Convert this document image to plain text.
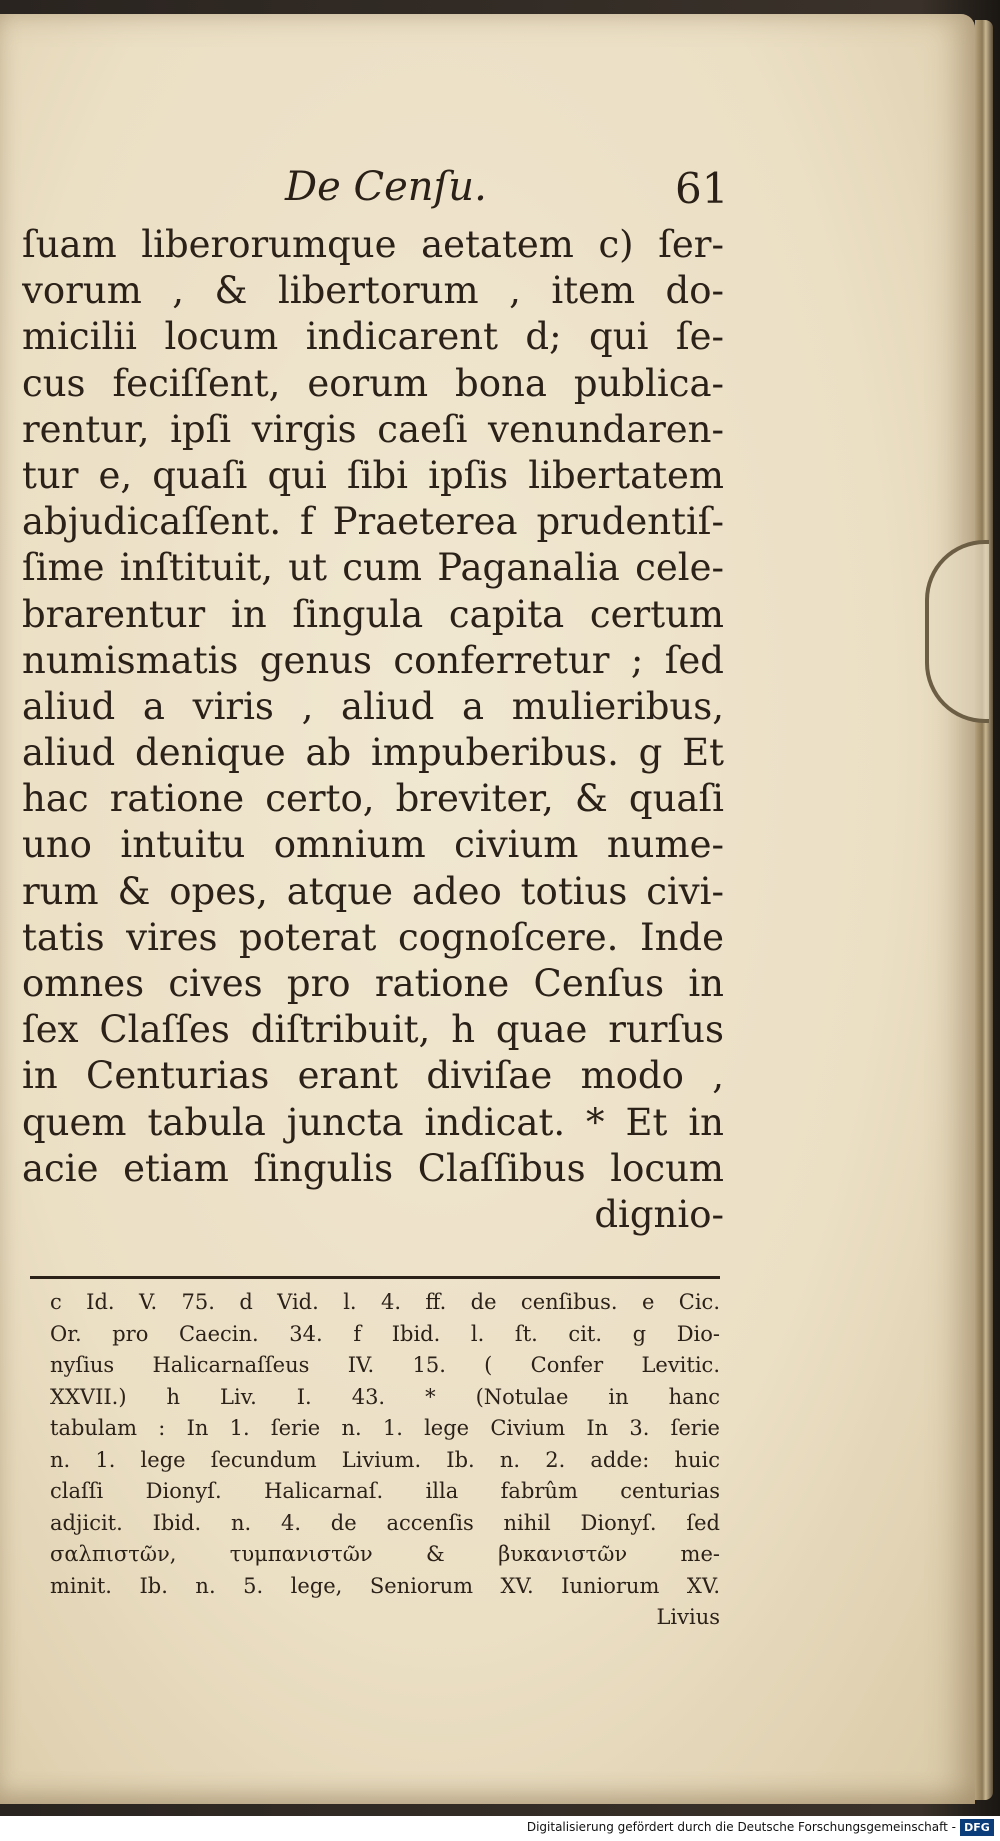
De Cenſu.	61
ſuam liberorumque aetatem c) ſer-
vorum , & libertorum , item do-
micilii locum indicarent d; qui ſe-
cus feciſſent, eorum bona publica-
rentur, ipſi virgis caeſi venundaren-
tur e, quaſi qui ſibi ipſis libertatem
abjudicaſſent. f Praeterea prudentiſ-
ſime inſtituit, ut cum Paganalia cele-
brarentur in ſingula capita certum
numismatis genus conferretur ; ſed
aliud a viris , aliud a mulieribus,
aliud denique ab impuberibus. g Et
hac ratione certo, breviter, & quaſi
uno intuitu omnium civium nume-
rum & opes, atque adeo totius civi-
tatis vires poterat cognoſcere. Inde
omnes cives pro ratione Cenſus in
ſex Claſſes diſtribuit, h quae rurſus
in Centurias erant diviſae modo ,
quem tabula juncta indicat. * Et in
acie etiam ſingulis Claſſibus locum
dignio-
c Id. V. 75. d Vid. l. 4. ff. de cenſibus. e Cic.
Or. pro Caecin. 34. f Ibid. l. ſt. cit. g Dio-
nyſius Halicarnaſſeus IV. 15. ( Confer Levitic.
XXVII.) h Liv. I. 43. * (Notulae in hanc
tabulam : In 1. ſerie n. 1. lege Civium In 3. ſerie
n. 1. lege ſecundum Livium. Ib. n. 2. adde: huic
claſſi Dionyſ. Halicarnaſ. illa fabrûm centurias
adjicit. Ibid. n. 4. de accenſis nihil Dionyſ. ſed
σαλπιστῶν, τυμπανιστῶν & βυκανιστῶν me-
minit. Ib. n. 5. lege, Seniorum XV. Iuniorum XV.
Livius
Digitalisierung gefördert durch die Deutsche Forschungsgemeinschaft - DFG
